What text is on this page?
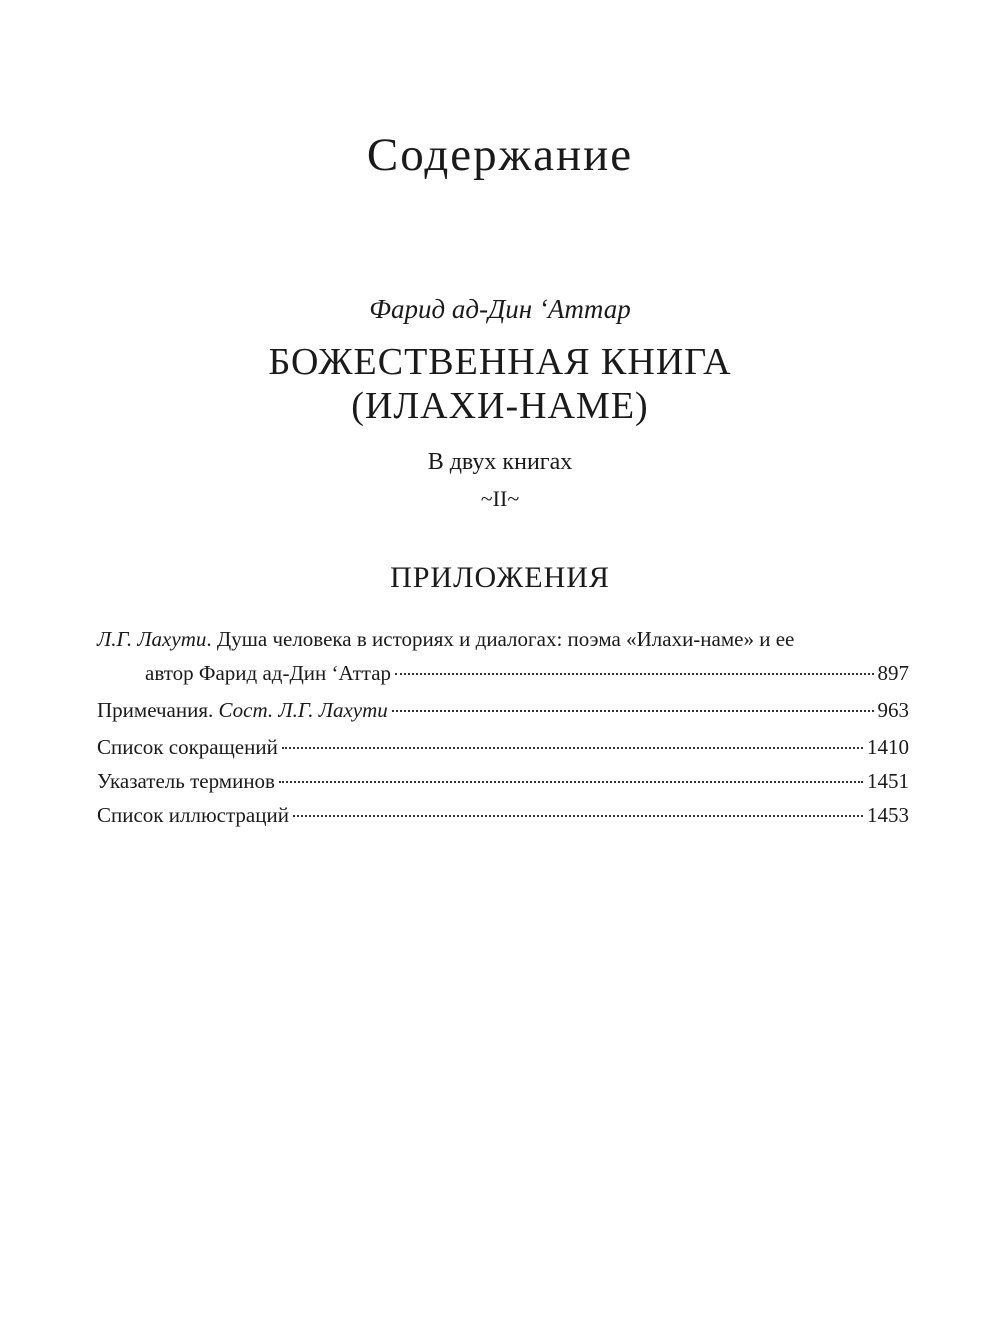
Содержание
Фарид ад-Дин ‘Аттар
БОЖЕСТВЕННАЯ КНИГА
(ИЛАХИ-НАМЕ)
В двух книгах
~II~
ПРИЛОЖЕНИЯ
Л.Г. Лахути. Душа человека в историях и диалогах: поэма «Илахи-наме» и ее
автор Фарид ад-Дин ‘Аттар	897
Примечания. Сост. Л.Г. Лахути	963
Список сокращений	1410
Указатель терминов	1451
Список иллюстраций	1453
